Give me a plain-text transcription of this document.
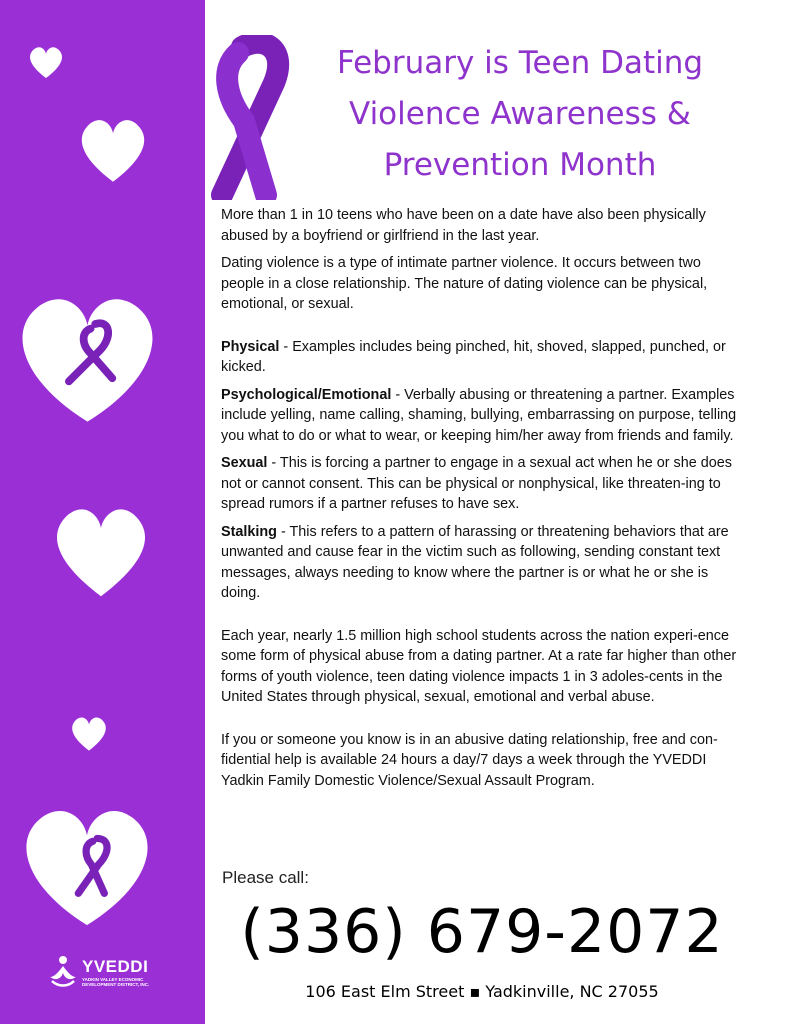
YVEDDI
YADKIN VALLEY ECONOMIC DEVELOPMENT DISTRICT, INC.
February is Teen Dating
Violence Awareness &
Prevention Month

More than 1 in 10 teens who have been on a date have also been physically abused by a boyfriend or girlfriend in the last year.

Dating violence is a type of intimate partner violence. It occurs between two people in a close relationship. The nature of dating violence can be physical, emotional, or sexual.

Physical - Examples includes being pinched, hit, shoved, slapped, punched, or kicked.

Psychological/Emotional - Verbally abusing or threatening a partner. Examples include yelling, name calling, shaming, bullying, embarrassing on purpose, telling you what to do or what to wear, or keeping him/her away from friends and family.

Sexual - This is forcing a partner to engage in a sexual act when he or she does not or cannot consent. This can be physical or nonphysical, like threaten-ing to spread rumors if a partner refuses to have sex.

Stalking - This refers to a pattern of harassing or threatening behaviors that are unwanted and cause fear in the victim such as following, sending constant text messages, always needing to know where the partner is or what he or she is doing.

Each year, nearly 1.5 million high school students across the nation experi-ence some form of physical abuse from a dating partner. At a rate far higher than other forms of youth violence, teen dating violence impacts 1 in 3 adoles-cents in the United States through physical, sexual, emotional and verbal abuse.

If you or someone you know is in an abusive dating relationship, free and con-fidential help is available 24 hours a day/7 days a week through the YVEDDI Yadkin Family Domestic Violence/Sexual Assault Program.

Please call:
(336) 679-2072
106 East Elm Street ▪ Yadkinville, NC 27055
